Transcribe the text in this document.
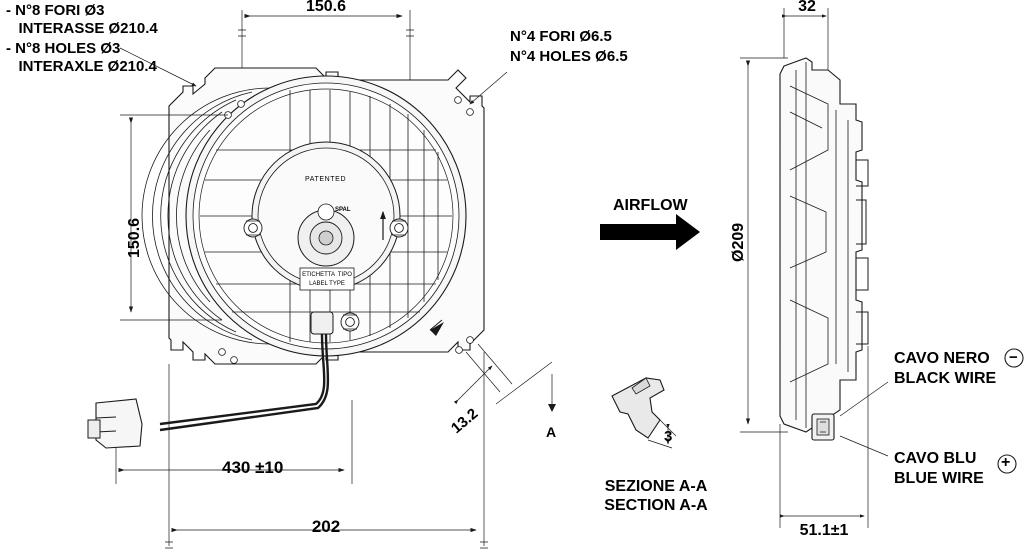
- N°8 FORI Ø3
INTERASSE Ø210.4
- N°8 HOLES Ø3
INTERAXLE Ø210.4
N°4 FORI Ø6.5
N°4 HOLES Ø6.5
150.6
150.6
202
430 ±10
13.2	A
AIRFLOW
3
SEZIONE A-A
SECTION A-A
PATENTED
SPAL
ETICHETTA  TIPO
LABEL TYPE
32
Ø209
51.1±1
CAVO NERO
BLACK WIRE
−
CAVO BLU
BLUE WIRE
+
